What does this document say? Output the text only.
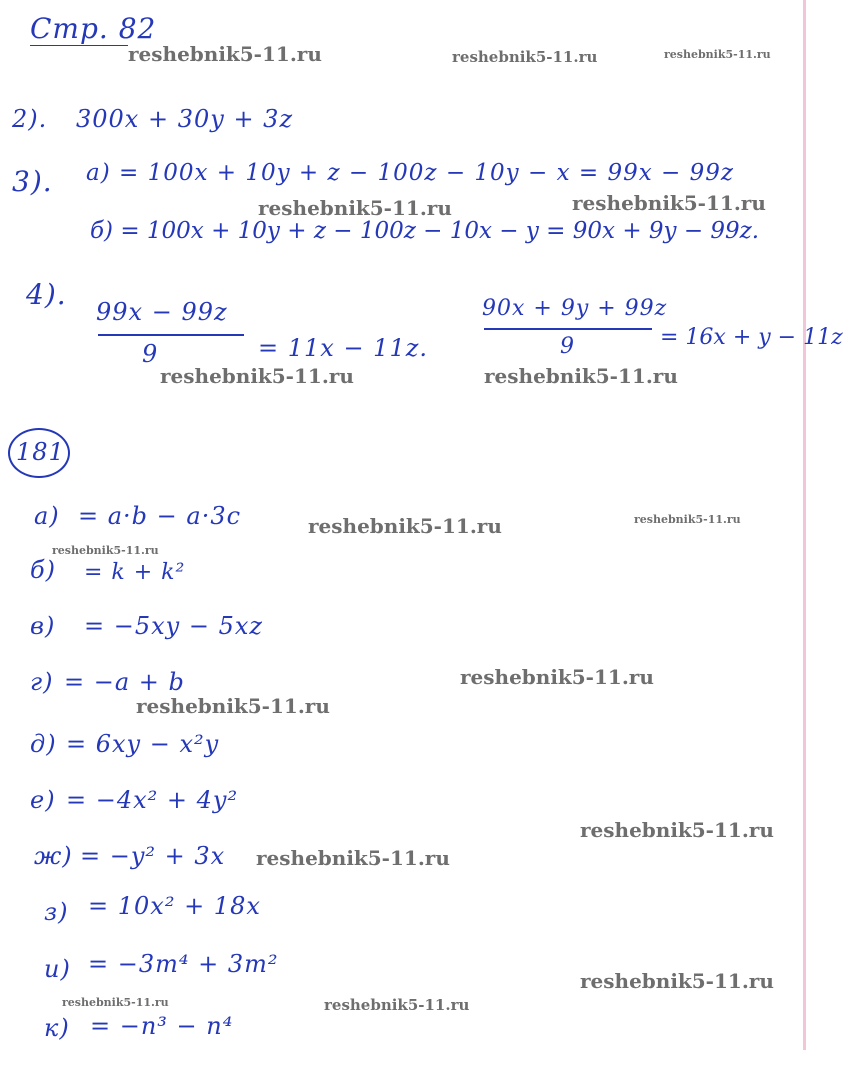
Стр. 82
2). 300x + 30y + 3z
3). a) = 100x + 10y + z − 100z − 10y − x = 99x − 99z
б) = 100x + 10y + z − 100z − 10x − y = 90x + 9y − 99z.
4).
99x − 99z
9	= 11x − 11z.
90x + 9y + 99z
9	= 16x + y − 11z
181
а) = a·b − a·3c
б) = k + k²
в) = −5xy − 5xz
г) = −a + b
д) = 6xy − x²y
е) = −4x² + 4y²
ж) = −y² + 3x
з) = 10x² + 18x
и) = −3m⁴ + 3m²
к) = −n³ − n⁴
reshebnik5-11.ru	reshebnik5-11.ru	reshebnik5-11.ru
reshebnik5-11.ru	reshebnik5-11.ru
reshebnik5-11.ru	reshebnik5-11.ru
reshebnik5-11.ru	reshebnik5-11.ru
reshebnik5-11.ru
reshebnik5-11.ru
reshebnik5-11.ru
reshebnik5-11.ru
reshebnik5-11.ru
reshebnik5-11.ru
reshebnik5-11.ru	reshebnik5-11.ru
